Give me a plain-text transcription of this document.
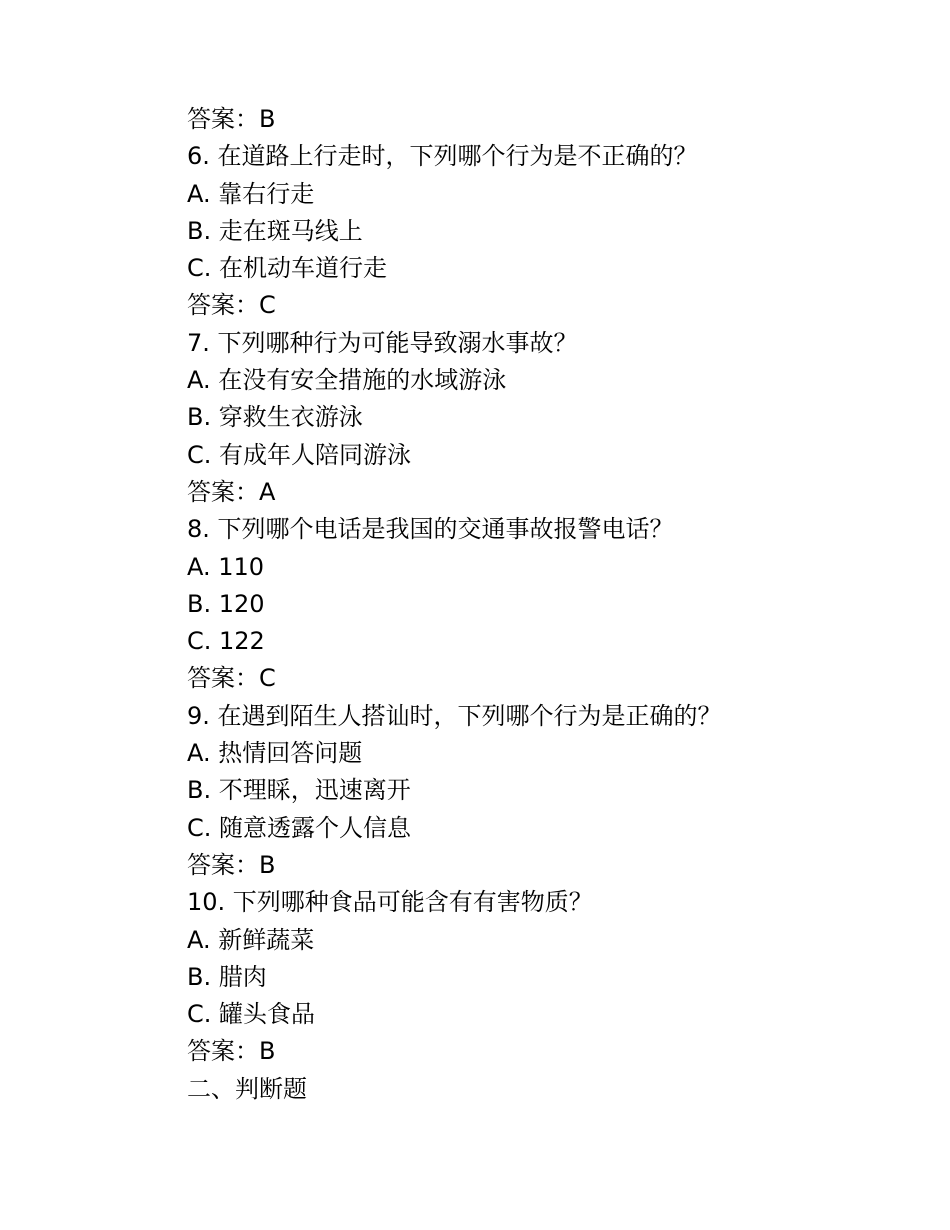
答案：B
6. 在道路上行走时，下列哪个行为是不正确的？
A. 靠右行走
B. 走在斑马线上
C. 在机动车道行走
答案：C
7. 下列哪种行为可能导致溺水事故？
A. 在没有安全措施的水域游泳
B. 穿救生衣游泳
C. 有成年人陪同游泳
答案：A
8. 下列哪个电话是我国的交通事故报警电话？
A. 110
B. 120
C. 122
答案：C
9. 在遇到陌生人搭讪时，下列哪个行为是正确的？
A. 热情回答问题
B. 不理睬，迅速离开
C. 随意透露个人信息
答案：B
10. 下列哪种食品可能含有有害物质？
A. 新鲜蔬菜
B. 腊肉
C. 罐头食品
答案：B
二、判断题
